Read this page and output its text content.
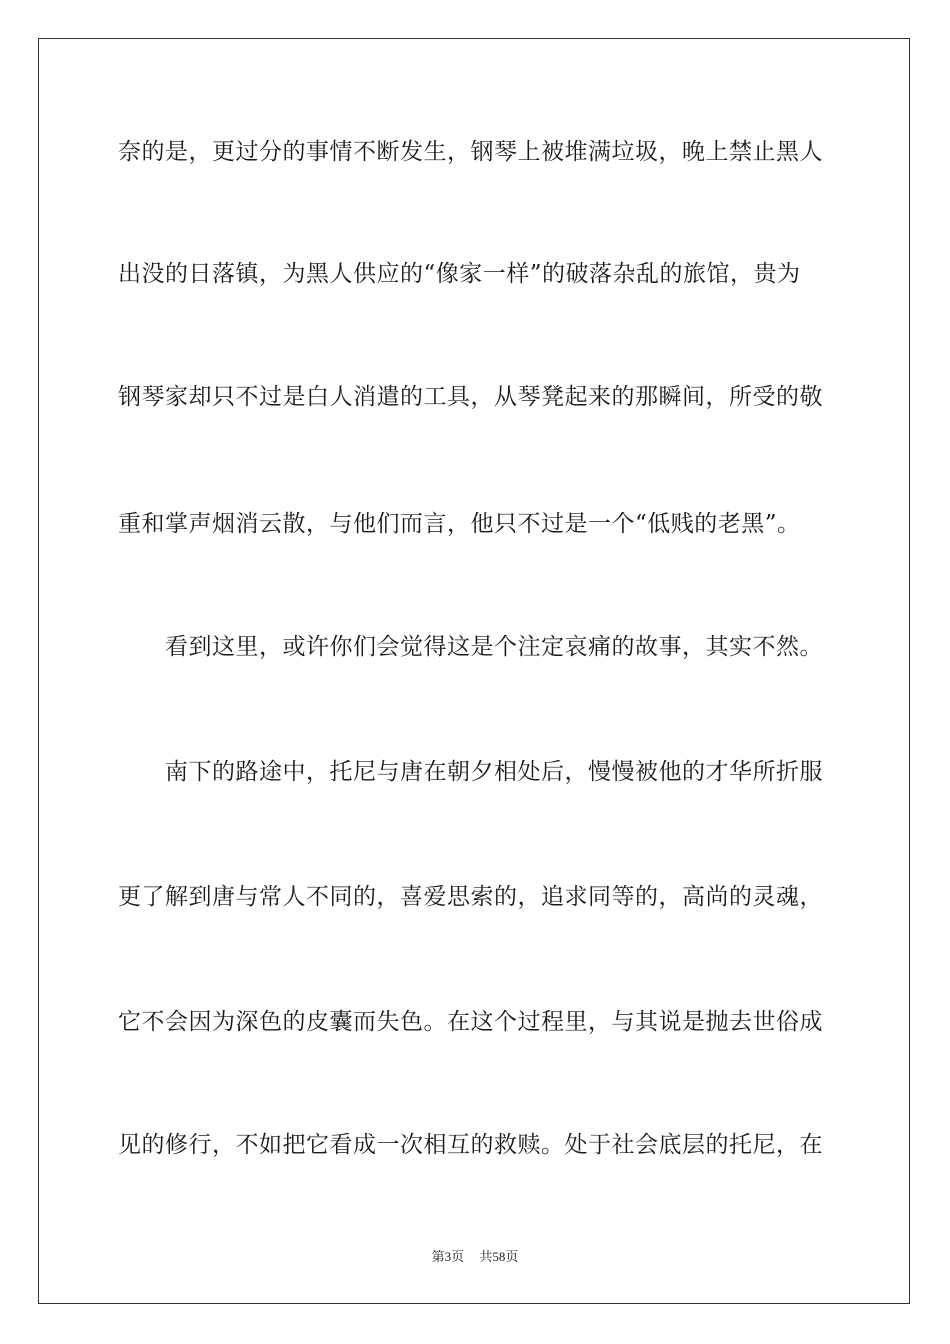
奈的是，更过分的事情不断发生，钢琴上被堆满垃圾，晚上禁止黑人
出没的日落镇，为黑人供应的“像家一样”的破落杂乱的旅馆，贵为
钢琴家却只不过是白人消遣的工具，从琴凳起来的那瞬间，所受的敬
重和掌声烟消云散，与他们而言，他只不过是一个“低贱的老黑”。
看到这里，或许你们会觉得这是个注定哀痛的故事，其实不然。
南下的路途中，托尼与唐在朝夕相处后，慢慢被他的才华所折服
更了解到唐与常人不同的，喜爱思索的，追求同等的，高尚的灵魂，
它不会因为深色的皮囊而失色。在这个过程里，与其说是抛去世俗成
见的修行，不如把它看成一次相互的救赎。处于社会底层的托尼，在
第3页 共58页
